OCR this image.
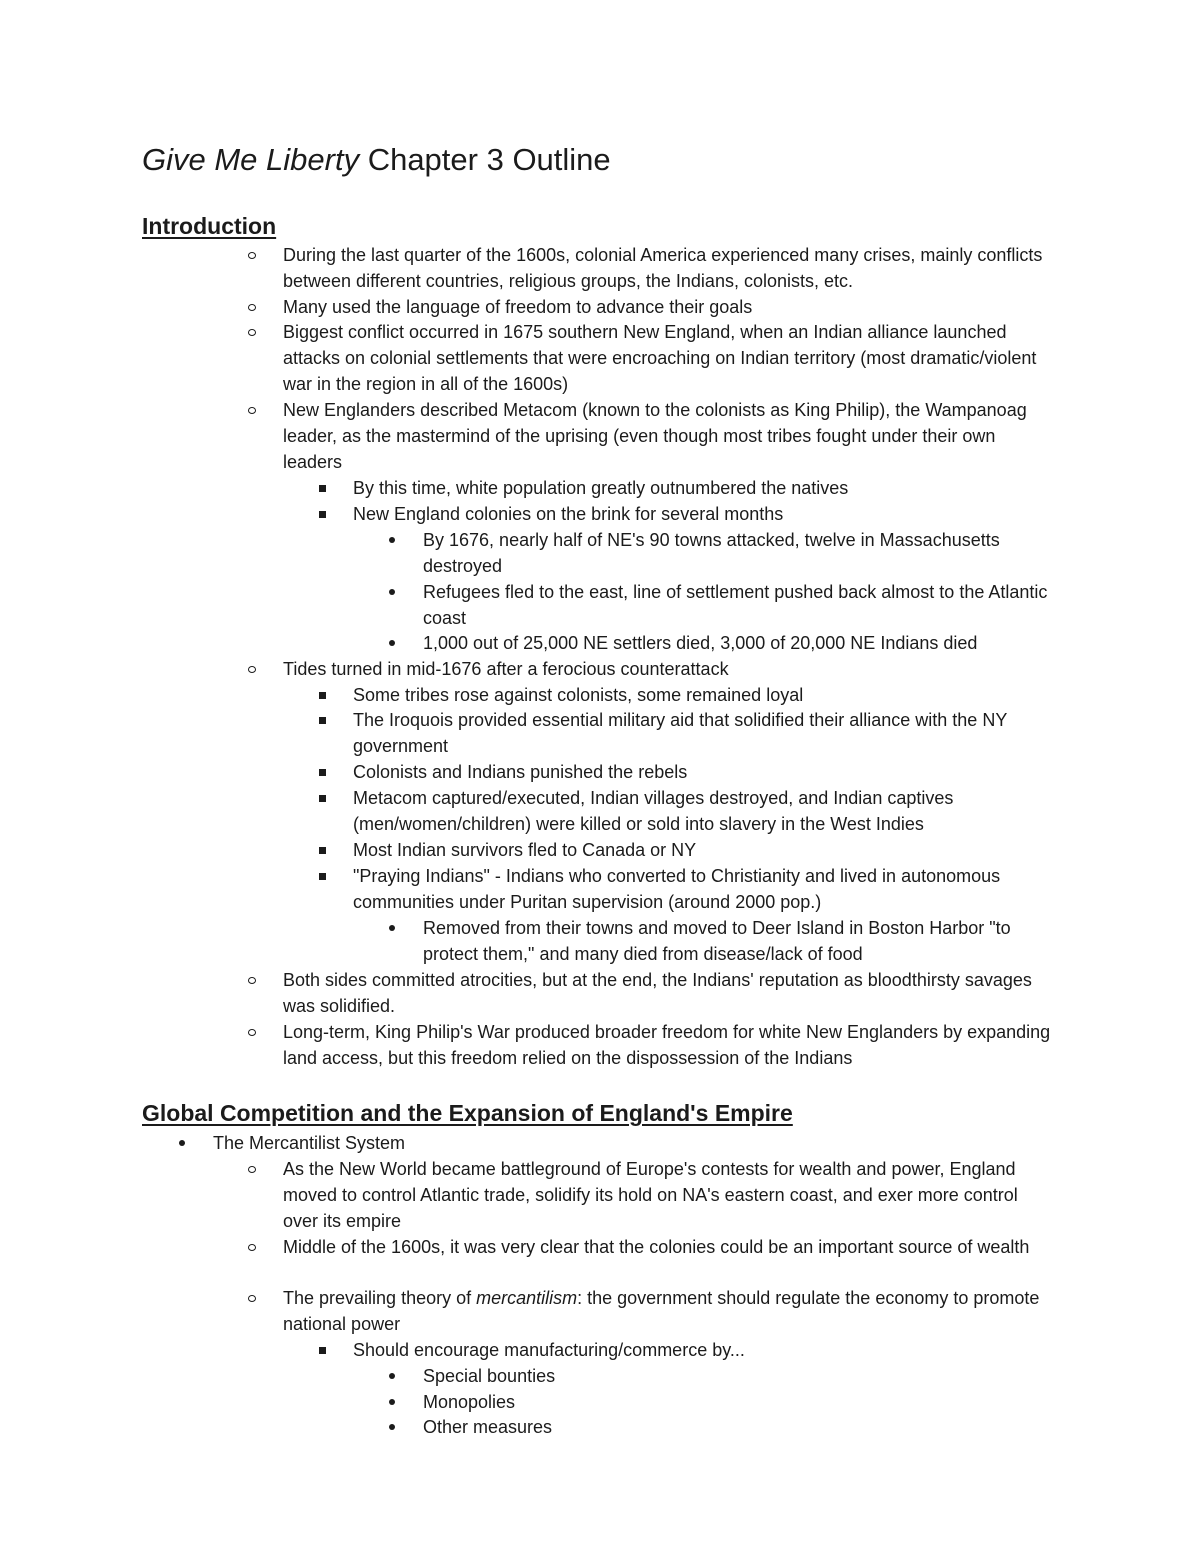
Give Me Liberty Chapter 3 Outline
Introduction
During the last quarter of the 1600s, colonial America experienced many crises, mainly conflicts between different countries, religious groups, the Indians, colonists, etc.
Many used the language of freedom to advance their goals
Biggest conflict occurred in 1675 southern New England, when an Indian alliance launched attacks on colonial settlements that were encroaching on Indian territory (most dramatic/violent war in the region in all of the 1600s)
New Englanders described Metacom (known to the colonists as King Philip), the Wampanoag leader, as the mastermind of the uprising (even though most tribes fought under their own leaders
By this time, white population greatly outnumbered the natives
New England colonies on the brink for several months
By 1676, nearly half of NE's 90 towns attacked, twelve in Massachusetts destroyed
Refugees fled to the east, line of settlement pushed back almost to the Atlantic coast
1,000 out of 25,000 NE settlers died, 3,000 of 20,000 NE Indians died
Tides turned in mid-1676 after a ferocious counterattack
Some tribes rose against colonists, some remained loyal
The Iroquois provided essential military aid that solidified their alliance with the NY government
Colonists and Indians punished the rebels
Metacom captured/executed, Indian villages destroyed, and Indian captives (men/women/children) were killed or sold into slavery in the West Indies
Most Indian survivors fled to Canada or NY
"Praying Indians" - Indians who converted to Christianity and lived in autonomous communities under Puritan supervision (around 2000 pop.)
Removed from their towns and moved to Deer Island in Boston Harbor "to protect them," and many died from disease/lack of food
Both sides committed atrocities, but at the end, the Indians' reputation as bloodthirsty savages was solidified.
Long-term, King Philip's War produced broader freedom for white New Englanders by expanding land access, but this freedom relied on the dispossession of the Indians
Global Competition and the Expansion of England's Empire
The Mercantilist System
As the New World became battleground of Europe's contests for wealth and power, England moved to control Atlantic trade, solidify its hold on NA's eastern coast, and exer more control over its empire
Middle of the 1600s, it was very clear that the colonies could be an important source of wealth
The prevailing theory of mercantilism: the government should regulate the economy to promote national power
Should encourage manufacturing/commerce by...
Special bounties
Monopolies
Other measures
